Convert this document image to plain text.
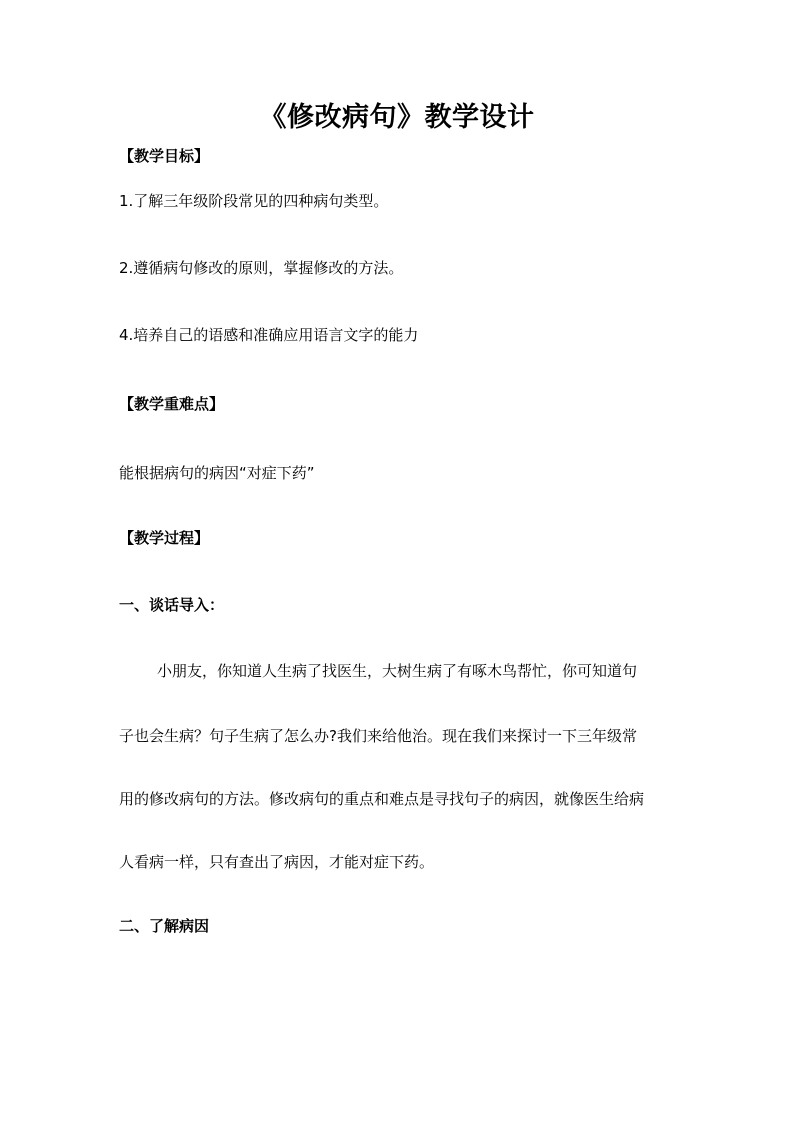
《修改病句》教学设计
【教学目标】
1.了解三年级阶段常见的四种病句类型。
2.遵循病句修改的原则，掌握修改的方法。
4.培养自己的语感和准确应用语言文字的能力
【教学重难点】
能根据病句的病因“对症下药”
【教学过程】
一、谈话导入：
小朋友，你知道人生病了找医生，大树生病了有啄木鸟帮忙，你可知道句
子也会生病？句子生病了怎么办?我们来给他治。现在我们来探讨一下三年级常
用的修改病句的方法。修改病句的重点和难点是寻找句子的病因，就像医生给病
人看病一样，只有查出了病因，才能对症下药。
二、了解病因
